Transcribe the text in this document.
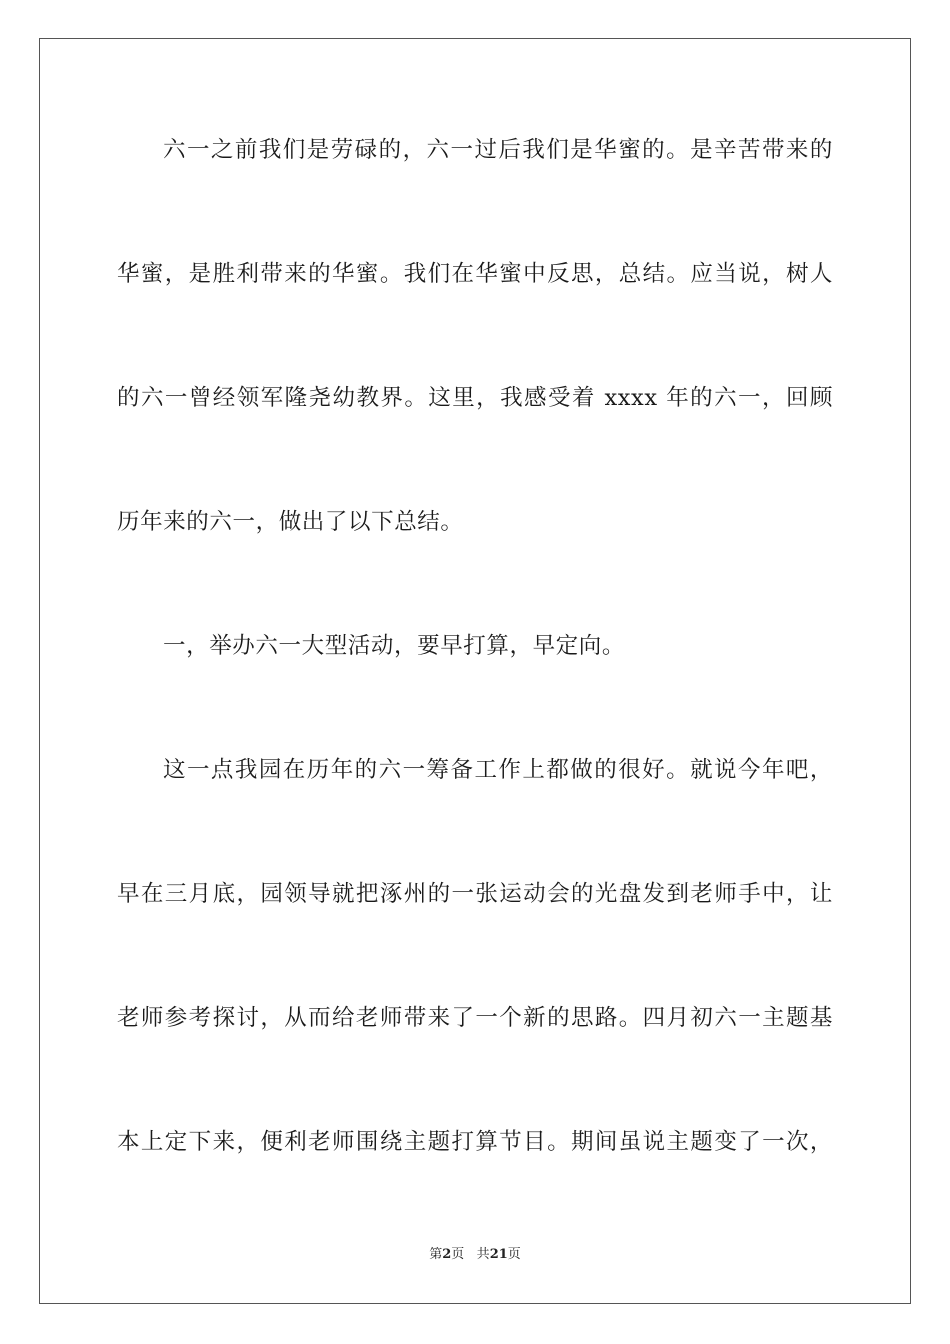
六一之前我们是劳碌的，六一过后我们是华蜜的。是辛苦带来的
华蜜，是胜利带来的华蜜。我们在华蜜中反思，总结。应当说，树人
的六一曾经领军隆尧幼教界。这里，我感受着 xxxx 年的六一，回顾
历年来的六一，做出了以下总结。
一，举办六一大型活动，要早打算，早定向。
这一点我园在历年的六一筹备工作上都做的很好。就说今年吧，
早在三月底，园领导就把涿州的一张运动会的光盘发到老师手中，让
老师参考探讨，从而给老师带来了一个新的思路。四月初六一主题基
本上定下来，便利老师围绕主题打算节目。期间虽说主题变了一次，
第2页 共21页
